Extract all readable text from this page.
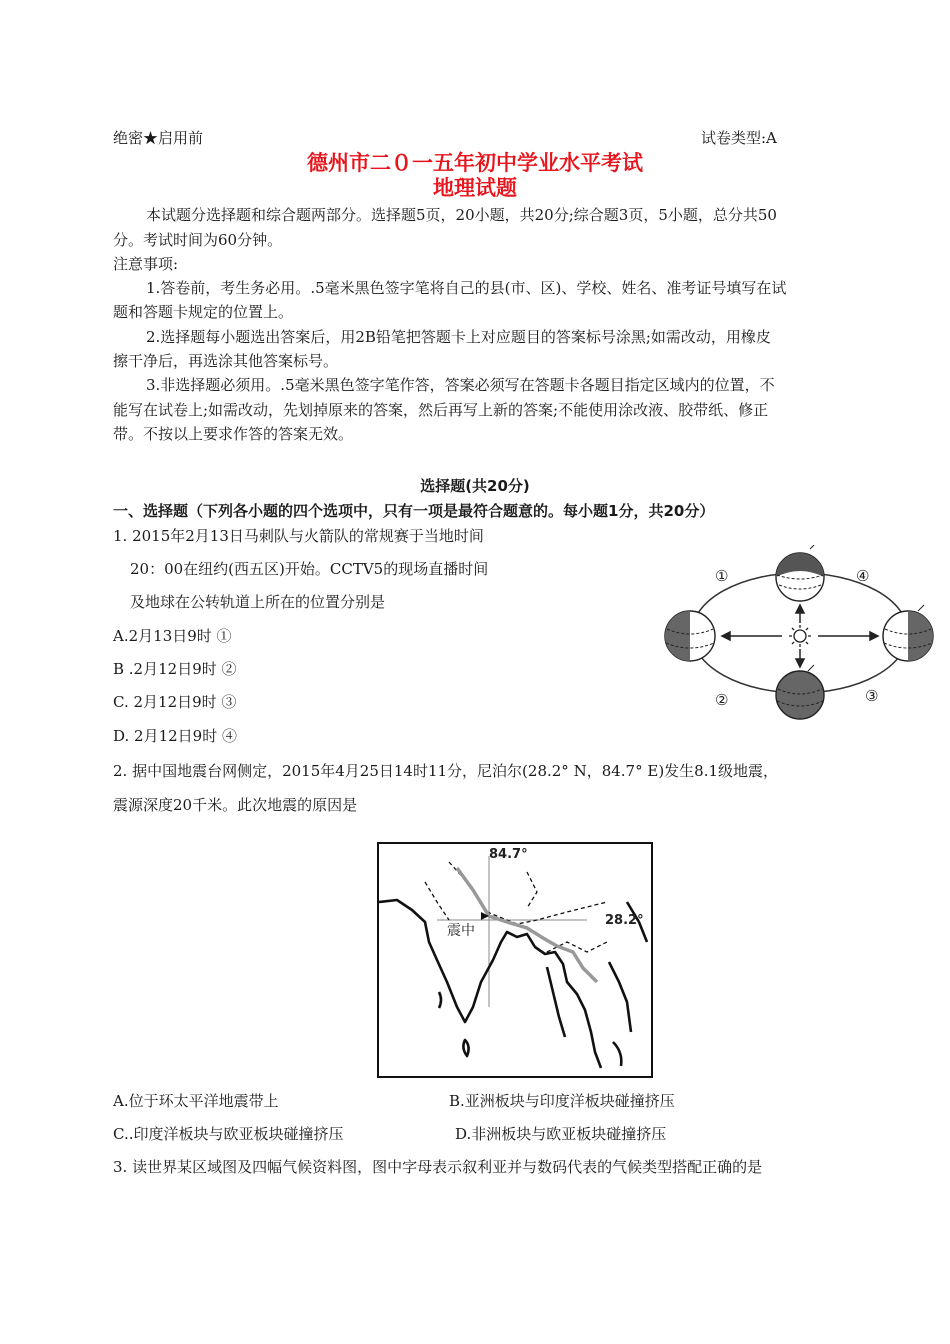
绝密★启用前	试卷类型:A
德州市二０一五年初中学业水平考试
地理试题
本试题分选择题和综合题两部分。选择题5页，20小题，共20分;综合题3页，5小题，总分共50
分。考试时间为60分钟。
注意事项:
1.答卷前，考生务必用。.5毫米黑色签字笔将自己的县(市、区)、学校、姓名、准考证号填写在试
题和答题卡规定的位置上。
2.选择题每小题选出答案后，用2B铅笔把答题卡上对应题目的答案标号涂黑;如需改动，用橡皮
擦干净后，再选涂其他答案标号。
3.非选择题必须用。.5毫米黑色签字笔作答，答案必须写在答题卡各题目指定区域内的位置，不
能写在试卷上;如需改动，先划掉原来的答案，然后再写上新的答案;不能使用涂改液、胶带纸、修正
带。不按以上要求作答的答案无效。
选择题(共20分)
一、选择题（下列各小题的四个选项中，只有一项是最符合题意的。每小题1分，共20分）
1. 2015年2月13日马刺队与火箭队的常规赛于当地时间
20：00在纽约(西五区)开始。CCTV5的现场直播时间
及地球在公转轨道上所在的位置分别是
A.2月13日9时 ①
B .2月12日9时 ②
C. 2月12日9时 ③
D. 2月12日9时 ④
①	④
②	③
2. 据中国地震台网侧定，2015年4月25日14时11分，尼泊尔(28.2° N，84.7° E)发生8.1级地震，
震源深度20千米。此次地震的原因是
84.7°
28.2°
震中
A.位于环太平洋地震带上	B.亚洲板块与印度洋板块碰撞挤压
C..印度洋板块与欧亚板块碰撞挤压	D.非洲板块与欧亚板块碰撞挤压
3. 读世界某区域图及四幅气候资料图，图中字母表示叙利亚并与数码代表的气候类型搭配正确的是
